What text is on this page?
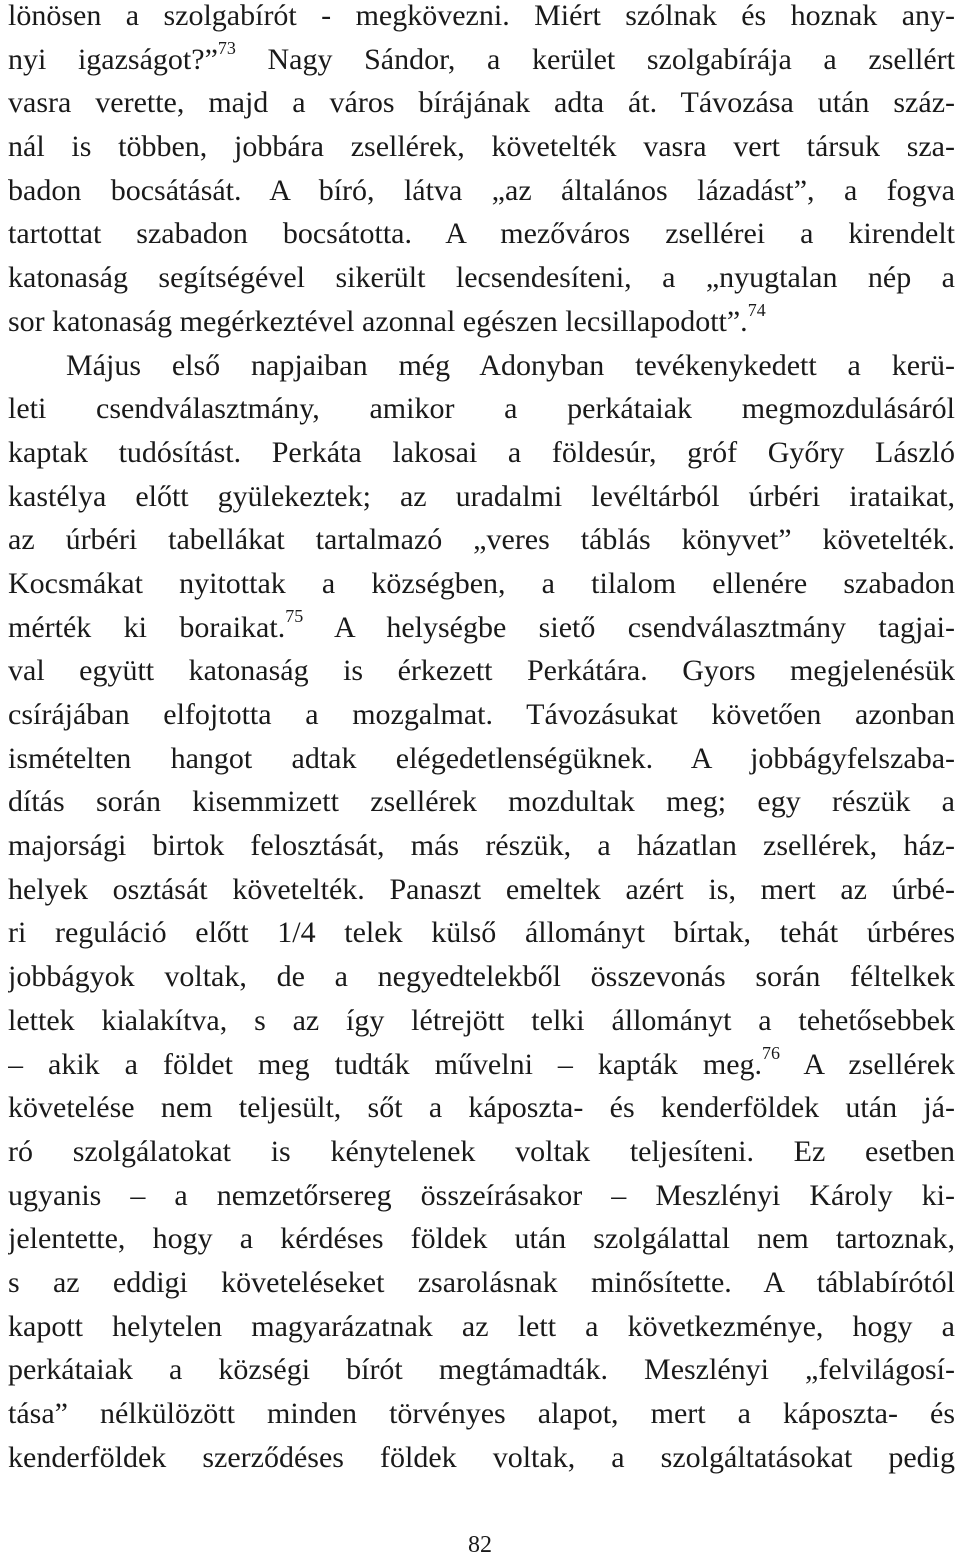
lönösen a szolgabírót - megkövezni. Miért szólnak és hoznak any-
nyi igazságot?”$^{73}$ Nagy Sándor, a kerület szolgabírája a zsellért
vasra verette, majd a város bírájának adta át. Távozása után száz-
nál is többen, jobbára zsellérek, követelték vasra vert társuk sza-
badon bocsátását. A bíró, látva „az általános lázadást”, a fogva
tartottat szabadon bocsátotta. A mezőváros zsellérei a kirendelt
katonaság segítségével sikerült lecsendesíteni, a „nyugtalan nép a
sor katonaság megérkeztével azonnal egészen lecsillapodott”.$^{74}$
Május első napjaiban még Adonyban tevékenykedett a kerü-
leti csendválasztmány, amikor a perkátaiak megmozdulásáról
kaptak tudósítást. Perkáta lakosai a földesúr, gróf Győry László
kastélya előtt gyülekeztek; az uradalmi levéltárból úrbéri irataikat,
az úrbéri tabellákat tartalmazó „veres táblás könyvet” követelték.
Kocsmákat nyitottak a községben, a tilalom ellenére szabadon
mérték ki boraikat.$^{75}$ A helységbe siető csendválasztmány tagjai-
val együtt katonaság is érkezett Perkátára. Gyors megjelenésük
csírájában elfojtotta a mozgalmat. Távozásukat követően azonban
ismételten hangot adtak elégedetlenségüknek. A jobbágyfelszaba-
dítás során kisemmizett zsellérek mozdultak meg; egy részük a
majorsági birtok felosztását, más részük, a házatlan zsellérek, ház-
helyek osztását követelték. Panaszt emeltek azért is, mert az úrbé-
ri reguláció előtt 1/4 telek külső állományt bírtak, tehát úrbéres
jobbágyok voltak, de a negyedtelekből összevonás során féltelkek
lettek kialakítva, s az így létrejött telki állományt a tehetősebbek
– akik a földet meg tudták művelni – kapták meg.$^{76}$ A zsellérek
követelése nem teljesült, sőt a káposzta- és kenderföldek után já-
ró szolgálatokat is kénytelenek voltak teljesíteni. Ez esetben
ugyanis – a nemzetőrsereg összeírásakor – Meszlényi Károly ki-
jelentette, hogy a kérdéses földek után szolgálattal nem tartoznak,
s az eddigi követeléseket zsarolásnak minősítette. A táblabírótól
kapott helytelen magyarázatnak az lett a következménye, hogy a
perkátaiak a községi bírót megtámadták. Meszlényi „felvilágosí-
tása” nélkülözött minden törvényes alapot, mert a káposzta- és
kenderföldek szerződéses földek voltak, a szolgáltatásokat pedig
82
